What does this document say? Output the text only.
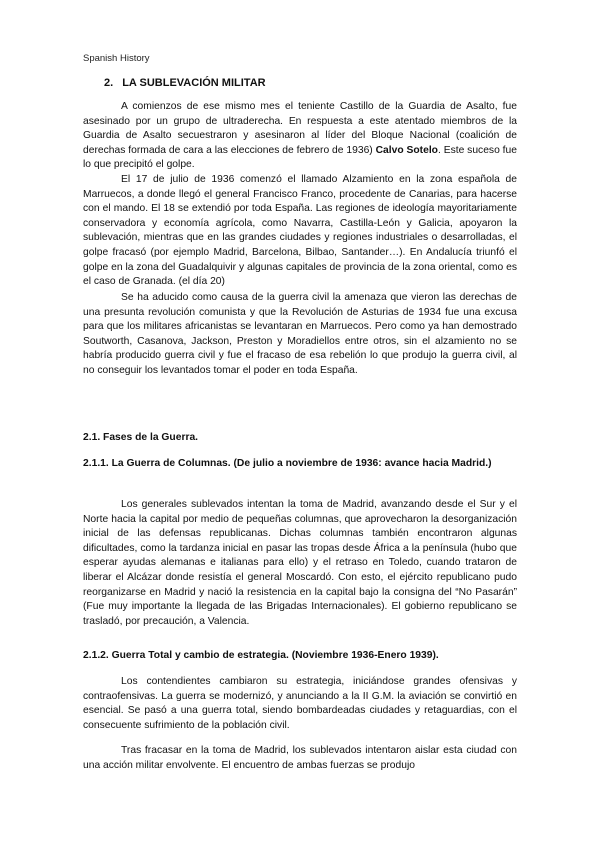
Spanish History
2. LA SUBLEVACIÓN MILITAR

A comienzos de ese mismo mes el teniente Castillo de la Guardia de Asalto, fue asesinado por un grupo de ultraderecha. En respuesta a este atentado miembros de la Guardia de Asalto secuestraron y asesinaron al líder del Bloque Nacional (coalición de derechas formada de cara a las elecciones de febrero de 1936) Calvo Sotelo. Este suceso fue lo que precipitó el golpe.

El 17 de julio de 1936 comenzó el llamado Alzamiento en la zona española de Marruecos, a donde llegó el general Francisco Franco, procedente de Canarias, para hacerse con el mando. El 18 se extendió por toda España. Las regiones de ideología mayoritariamente conservadora y economía agrícola, como Navarra, Castilla-León y Galicia, apoyaron la sublevación, mientras que en las grandes ciudades y regiones industriales o desarrolladas, el golpe fracasó (por ejemplo Madrid, Barcelona, Bilbao, Santander…). En Andalucía triunfó el golpe en la zona del Guadalquivir y algunas capitales de provincia de la zona oriental, como es el caso de Granada. (el día 20)

Se ha aducido como causa de la guerra civil la amenaza que vieron las derechas de una presunta revolución comunista y que la Revolución de Asturias de 1934 fue una excusa para que los militares africanistas se levantaran en Marruecos. Pero como ya han demostrado Soutworth, Casanova, Jackson, Preston y Moradiellos entre otros, sin el alzamiento no se habría producido guerra civil y fue el fracaso de esa rebelión lo que produjo la guerra civil, al no conseguir los levantados tomar el poder en toda España.

2.1. Fases de la Guerra.
2.1.1. La Guerra de Columnas. (De julio a noviembre de 1936: avance hacia Madrid.)

Los generales sublevados intentan la toma de Madrid, avanzando desde el Sur y el Norte hacia la capital por medio de pequeñas columnas, que aprovecharon la desorganización inicial de las defensas republicanas. Dichas columnas también encontraron algunas dificultades, como la tardanza inicial en pasar las tropas desde África a la península (hubo que esperar ayudas alemanas e italianas para ello) y el retraso en Toledo, cuando trataron de liberar el Alcázar donde resistía el general Moscardó. Con esto, el ejército republicano pudo reorganizarse en Madrid y nació la resistencia en la capital bajo la consigna del “No Pasarán” (Fue muy importante la llegada de las Brigadas Internacionales). El gobierno republicano se trasladó, por precaución, a Valencia.

2.1.2. Guerra Total y cambio de estrategia. (Noviembre 1936-Enero 1939).

Los contendientes cambiaron su estrategia, iniciándose grandes ofensivas y contraofensivas. La guerra se modernizó, y anunciando a la II G.M. la aviación se convirtió en esencial. Se pasó a una guerra total, siendo bombardeadas ciudades y retaguardias, con el consecuente sufrimiento de la población civil.

Tras fracasar en la toma de Madrid, los sublevados intentaron aislar esta ciudad con una acción militar envolvente. El encuentro de ambas fuerzas se produjo
